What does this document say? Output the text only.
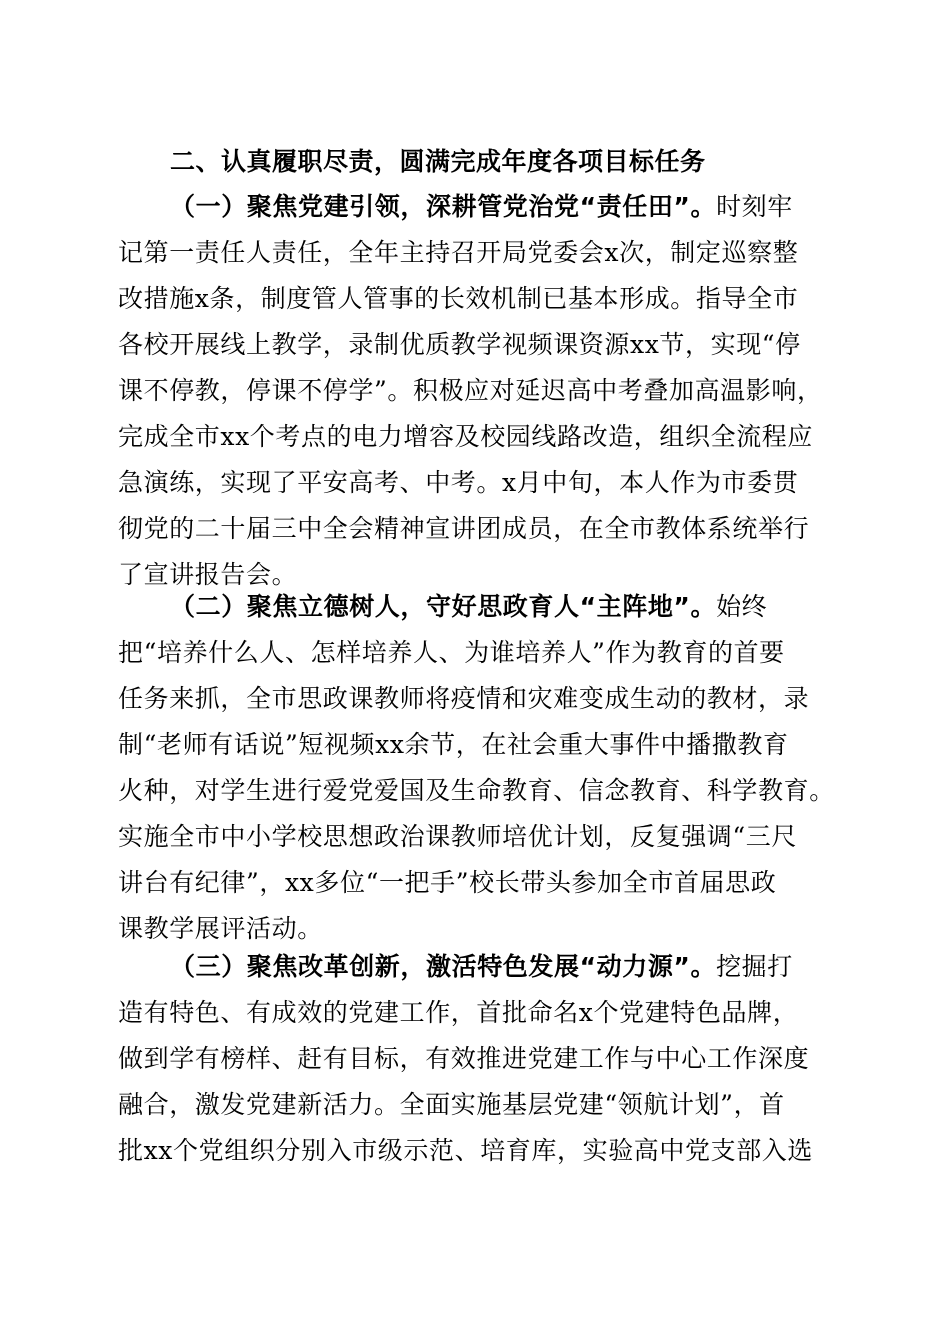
二、认真履职尽责，圆满完成年度各项目标任务
（一）聚焦党建引领，深耕管党治党“责任田”。时刻牢
记第一责任人责任，全年主持召开局党委会x次，制定巡察整
改措施x条，制度管人管事的长效机制已基本形成。指导全市
各校开展线上教学，录制优质教学视频课资源xx节，实现“停
课不停教，停课不停学”。积极应对延迟高中考叠加高温影响，
完成全市xx个考点的电力增容及校园线路改造，组织全流程应
急演练，实现了平安高考、中考。x月中旬，本人作为市委贯
彻党的二十届三中全会精神宣讲团成员，在全市教体系统举行
了宣讲报告会。
（二）聚焦立德树人，守好思政育人“主阵地”。始终
把“培养什么人、怎样培养人、为谁培养人”作为教育的首要
任务来抓，全市思政课教师将疫情和灾难变成生动的教材，录
制“老师有话说”短视频xx余节，在社会重大事件中播撒教育
火种，对学生进行爱党爱国及生命教育、信念教育、科学教育。
实施全市中小学校思想政治课教师培优计划，反复强调“三尺
讲台有纪律”，xx多位“一把手”校长带头参加全市首届思政
课教学展评活动。
（三）聚焦改革创新，激活特色发展“动力源”。挖掘打
造有特色、有成效的党建工作，首批命名x个党建特色品牌，
做到学有榜样、赶有目标，有效推进党建工作与中心工作深度
融合，激发党建新活力。全面实施基层党建“领航计划”，首
批xx个党组织分别入市级示范、培育库，实验高中党支部入选
